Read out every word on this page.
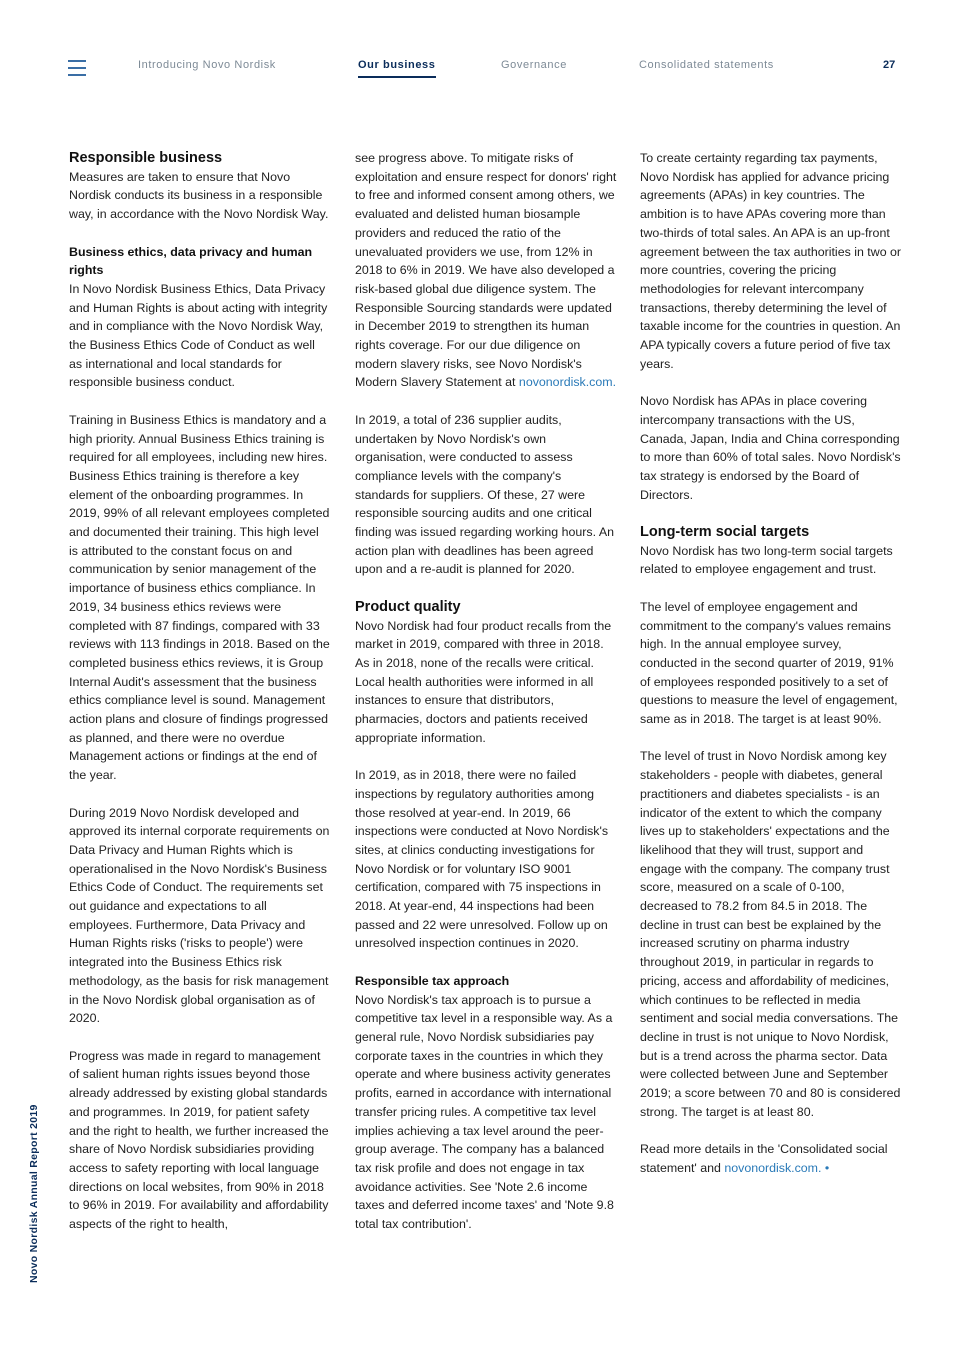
Introducing Novo Nordisk	Our business	Governance	Consolidated statements	27
Novo Nordisk Annual Report 2019
Responsible business

Measures are taken to ensure that Novo Nordisk conducts its business in a responsible way, in accordance with the Novo Nordisk Way.

Business ethics, data privacy and human rights

In Novo Nordisk Business Ethics, Data Privacy and Human Rights is about acting with integrity and in compliance with the Novo Nordisk Way, the Business Ethics Code of Conduct as well as international and local standards for responsible business conduct.

Training in Business Ethics is mandatory and a high priority. Annual Business Ethics training is required for all employees, including new hires. Business Ethics training is therefore a key element of the onboarding programmes. In 2019, 99% of all relevant employees completed and documented their training. This high level is attributed to the constant focus on and communication by senior management of the importance of business ethics compliance. In 2019, 34 business ethics reviews were completed with 87 findings, compared with 33 reviews with 113 findings in 2018. Based on the completed business ethics reviews, it is Group Internal Audit's assessment that the business ethics compliance level is sound. Management action plans and closure of findings progressed as planned, and there were no overdue Management actions or findings at the end of the year.

During 2019 Novo Nordisk developed and approved its internal corporate requirements on Data Privacy and Human Rights which is operationalised in the Novo Nordisk's Business Ethics Code of Conduct. The requirements set out guidance and expectations to all employees. Furthermore, Data Privacy and Human Rights risks ('risks to people') were integrated into the Business Ethics risk methodology, as the basis for risk management in the Novo Nordisk global organisation as of 2020.

Progress was made in regard to management of salient human rights issues beyond those already addressed by existing global standards and programmes. In 2019, for patient safety and the right to health, we further increased the share of Novo Nordisk subsidiaries providing access to safety reporting with local language directions on local websites, from 90% in 2018 to 96% in 2019. For availability and affordability aspects of the right to health,

see progress above. To mitigate risks of exploitation and ensure respect for donors' right to free and informed consent among others, we evaluated and delisted human biosample providers and reduced the ratio of the unevaluated providers we use, from 12% in 2018 to 6% in 2019. We have also developed a risk-based global due diligence system. The Responsible Sourcing standards were updated in December 2019 to strengthen its human rights coverage. For our due diligence on modern slavery risks, see Novo Nordisk's Modern Slavery Statement at novonordisk.com.

In 2019, a total of 236 supplier audits, undertaken by Novo Nordisk's own organisation, were conducted to assess compliance levels with the company's standards for suppliers. Of these, 27 were responsible sourcing audits and one critical finding was issued regarding working hours. An action plan with deadlines has been agreed upon and a re-audit is planned for 2020.

Product quality

Novo Nordisk had four product recalls from the market in 2019, compared with three in 2018. As in 2018, none of the recalls were critical. Local health authorities were informed in all instances to ensure that distributors, pharmacies, doctors and patients received appropriate information.

In 2019, as in 2018, there were no failed inspections by regulatory authorities among those resolved at year-end. In 2019, 66 inspections were conducted at Novo Nordisk's sites, at clinics conducting investigations for Novo Nordisk or for voluntary ISO 9001 certification, compared with 75 inspections in 2018. At year-end, 44 inspections had been passed and 22 were unresolved. Follow up on unresolved inspection continues in 2020.

Responsible tax approach

Novo Nordisk's tax approach is to pursue a competitive tax level in a responsible way. As a general rule, Novo Nordisk subsidiaries pay corporate taxes in the countries in which they operate and where business activity generates profits, earned in accordance with international transfer pricing rules. A competitive tax level implies achieving a tax level around the peer-group average. The company has a balanced tax risk profile and does not engage in tax avoidance activities. See 'Note 2.6 income taxes and deferred income taxes' and 'Note 9.8 total tax contribution'.

To create certainty regarding tax payments, Novo Nordisk has applied for advance pricing agreements (APAs) in key countries. The ambition is to have APAs covering more than two-thirds of total sales. An APA is an up-front agreement between the tax authorities in two or more countries, covering the pricing methodologies for relevant intercompany transactions, thereby determining the level of taxable income for the countries in question. An APA typically covers a future period of five tax years.

Novo Nordisk has APAs in place covering intercompany transactions with the US, Canada, Japan, India and China corresponding to more than 60% of total sales. Novo Nordisk's tax strategy is endorsed by the Board of Directors.

Long-term social targets

Novo Nordisk has two long-term social targets related to employee engagement and trust.

The level of employee engagement and commitment to the company's values remains high. In the annual employee survey, conducted in the second quarter of 2019, 91% of employees responded positively to a set of questions to measure the level of engagement, same as in 2018. The target is at least 90%.

The level of trust in Novo Nordisk among key stakeholders - people with diabetes, general practitioners and diabetes specialists - is an indicator of the extent to which the company lives up to stakeholders' expectations and the likelihood that they will trust, support and engage with the company. The company trust score, measured on a scale of 0-100, decreased to 78.2 from 84.5 in 2018. The decline in trust can best be explained by the increased scrutiny on pharma industry throughout 2019, in particular in regards to pricing, access and affordability of medicines, which continues to be reflected in media sentiment and social media conversations. The decline in trust is not unique to Novo Nordisk, but is a trend across the pharma sector. Data were collected between June and September 2019; a score between 70 and 80 is considered strong. The target is at least 80.

Read more details in the 'Consolidated social statement' and novonordisk.com. •
